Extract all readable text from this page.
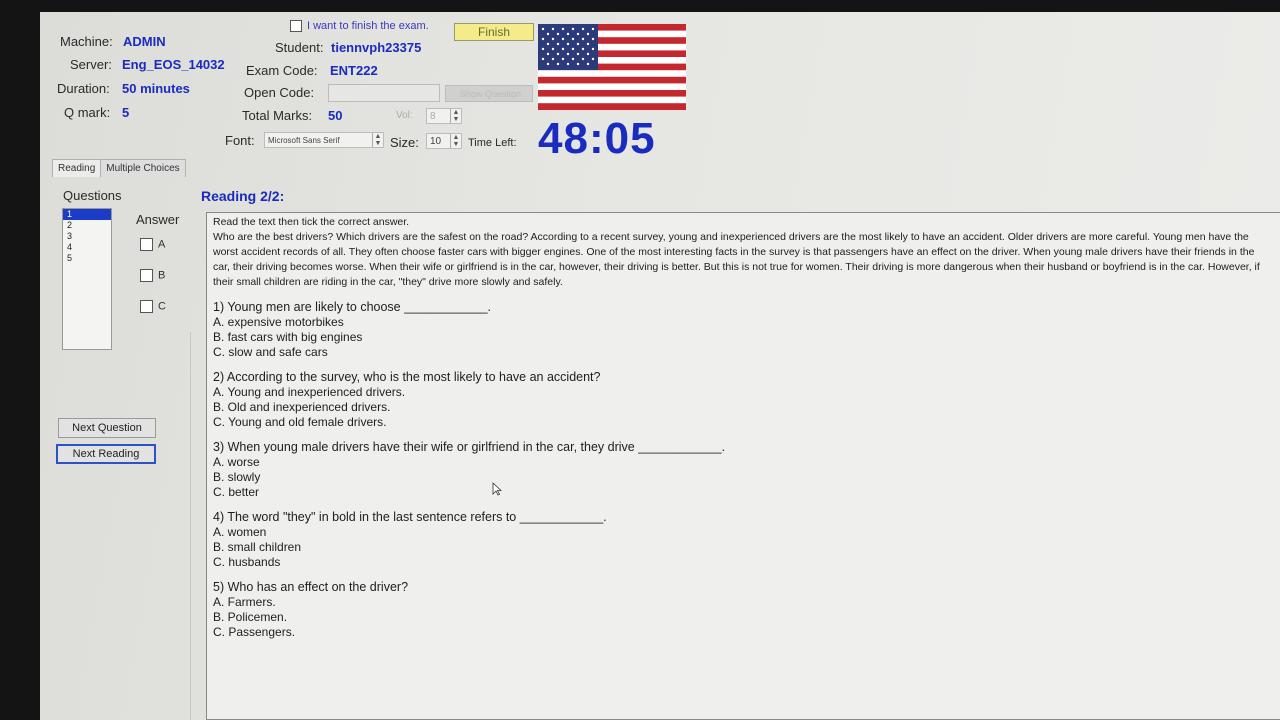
Machine: ADMIN
Server: Eng_EOS_14032
Duration: 50 minutes
Q mark: 5
I want to finish the exam.	Finish
Student: tiennvph23375
Exam Code: ENT222
Open Code:	Show Question
Total Marks: 50	Vol:	8	▲
▼
Font:	Microsoft Sans Serif	▲
▼ Size:	10	▲
▼ Time Left: 48:05
Reading Multiple Choices
Questions
1
2
3
4
5
Answer
A
B
C
Next Question
Next Reading
Reading 2/2:

Read the text then tick the correct answer.

Who are the best drivers? Which drivers are the safest on the road? According to a recent survey, young and inexperienced drivers are the most likely to have an accident. Older drivers are more careful. Young men have the worst accident records of all. They often choose faster cars with bigger engines. One of the most interesting facts in the survey is that passengers have an effect on the driver. When young male drivers have their friends in the car, their driving becomes worse. When their wife or girlfriend is in the car, however, their driving is better. But this is not true for women. Their driving is more dangerous when their husband or boyfriend is in the car. However, if their small children are riding in the car, "they" drive more slowly and safely.

1) Young men are likely to choose ____________.
A. expensive motorbikes
B. fast cars with big engines
C. slow and safe cars
2) According to the survey, who is the most likely to have an accident?
A. Young and inexperienced drivers.
B. Old and inexperienced drivers.
C. Young and old female drivers.
3) When young male drivers have their wife or girlfriend in the car, they drive ____________.
A. worse
B. slowly
C. better
4) The word "they" in bold in the last sentence refers to ____________.
A. women
B. small children
C. husbands
5) Who has an effect on the driver?
A. Farmers.
B. Policemen.
C. Passengers.
